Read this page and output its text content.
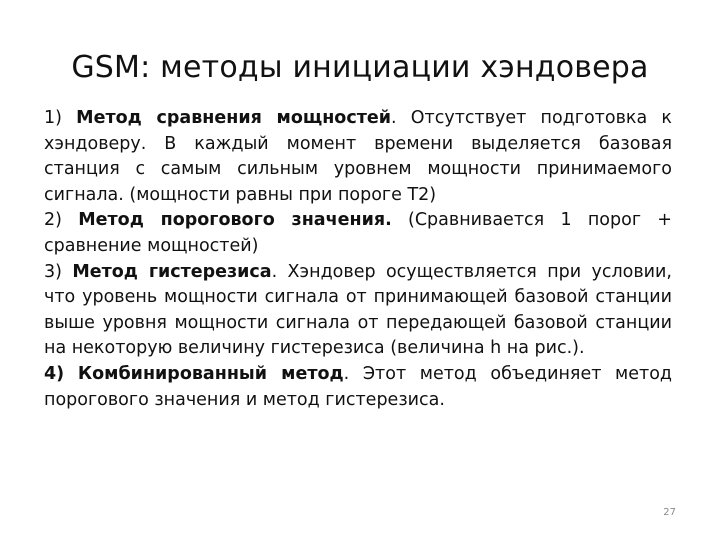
GSM: методы инициации хэндовера

1) Метод сравнения мощностей. Отсутствует подготовка к хэндоверу. В каждый момент времени выделяется базовая станция с самым сильным уровнем мощности принимаемого сигнала. (мощности равны при пороге Т2)

2) Метод порогового значения. (Сравнивается 1 порог + сравнение мощностей)

3) Метод гистерезиса. Хэндовер осуществляется при условии, что уровень мощности сигнала от принимающей базовой станции выше уровня мощности сигнала от передающей базовой станции на некоторую величину гистерезиса (величина h на рис.).

4) Комбинированный метод. Этот метод объединяет метод порогового значения и метод гистерезиса.

27
